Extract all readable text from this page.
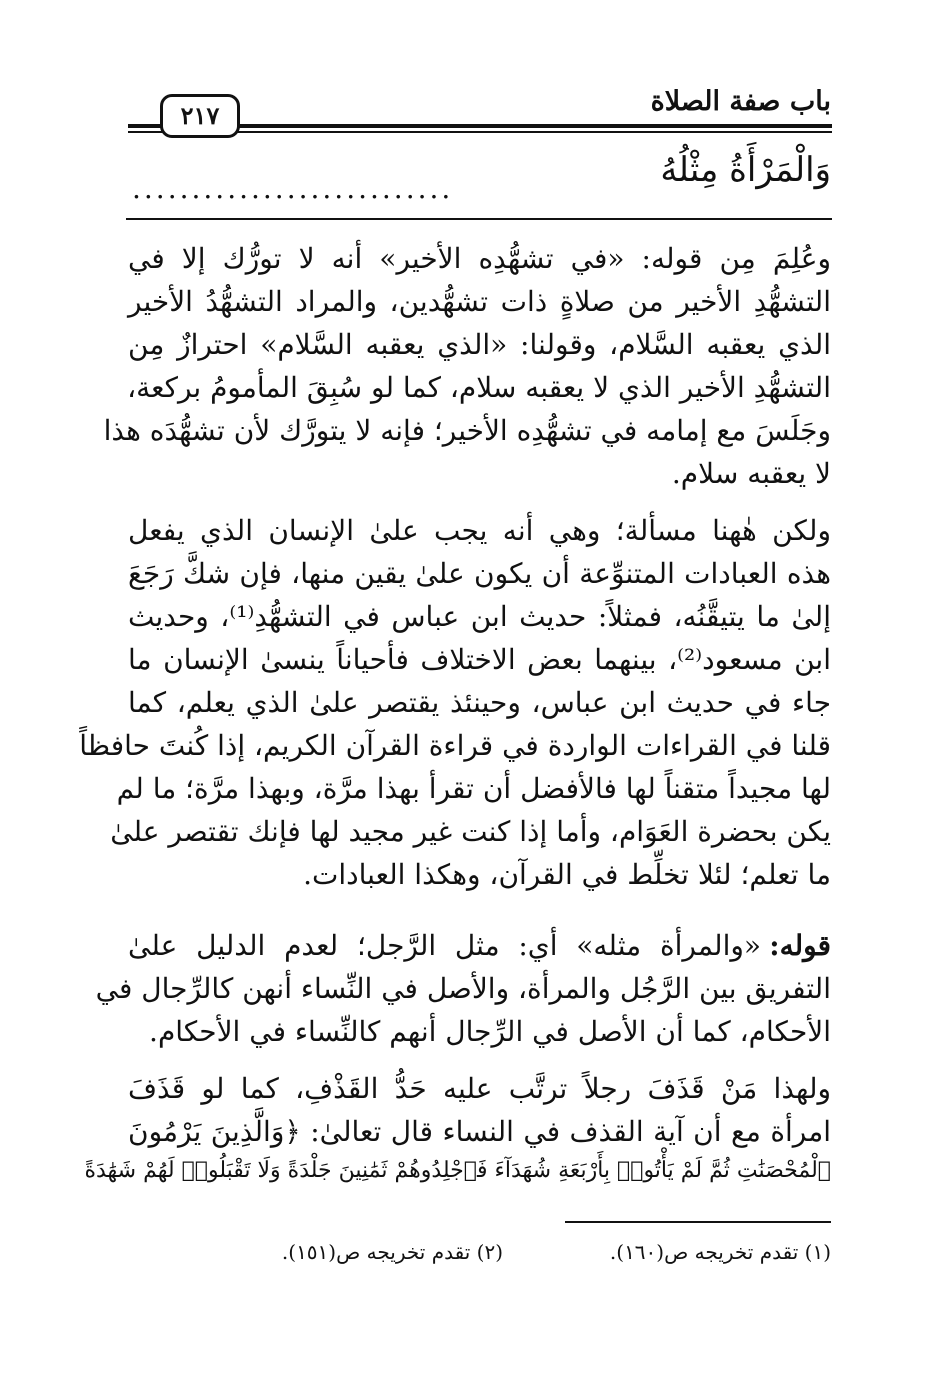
باب صفة الصلاة
٢١٧
وَالْمَرْأَةُ مِثْلُهُ
...........................
وعُلِمَ مِن قوله: «في تشهُّدِه الأخير» أنه لا تورُّك إلا في
التشهُّدِ الأخير من صلاةٍ ذات تشهُّدين، والمراد التشهُّدُ الأخير
الذي يعقبه السَّلام، وقولنا: «الذي يعقبه السَّلام» احترازٌ مِن
التشهُّدِ الأخير الذي لا يعقبه سلام، كما لو سُبِقَ المأمومُ بركعة،
وجَلَسَ مع إمامه في تشهُّدِه الأخير؛ فإنه لا يتورَّك لأن تشهُّدَه هذا
لا يعقبه سلام.
ولكن هٰهنا مسألة؛ وهي أنه يجب علىٰ الإنسان الذي يفعل
هذه العبادات المتنوِّعة أن يكون علىٰ يقين منها، فإن شكَّ رَجَعَ
إلىٰ ما يتيقَّنُه، فمثلاً: حديث ابن عباس في التشهُّدِ⁽¹⁾، وحديث
ابن مسعود⁽²⁾، بينهما بعض الاختلاف فأحياناً ينسىٰ الإنسان ما
جاء في حديث ابن عباس، وحينئذ يقتصر علىٰ الذي يعلم، كما
قلنا في القراءات الواردة في قراءة القرآن الكريم، إذا كُنتَ حافظاً
لها مجيداً متقناً لها فالأفضل أن تقرأ بهذا مرَّة، وبهذا مرَّة؛ ما لم
يكن بحضرة العَوَام، وأما إذا كنت غير مجيد لها فإنك تقتصر علىٰ
ما تعلم؛ لئلا تخلِّط في القرآن، وهكذا العبادات.
قوله:
«والمرأة مثله» أي: مثل الرَّجل؛ لعدم الدليل علىٰ
التفريق بين الرَّجُل والمرأة، والأصل في النِّساء أنهن كالرِّجال في
الأحكام، كما أن الأصل في الرِّجال أنهم كالنِّساء في الأحكام.
ولهذا مَنْ قَذَفَ رجلاً ترتَّب عليه حَدُّ القَذْفِ، كما لو قَذَفَ
امرأة مع أن آية القذف في النساء قال تعالىٰ: ﴿وَالَّذِينَ يَرْمُونَ
ٱلْمُحْصَنَٰتِ ثُمَّ لَمْ يَأْتُوا۟ بِأَرْبَعَةِ شُهَدَآءَ فَٱجْلِدُوهُمْ ثَمَٰنِينَ جَلْدَةً وَلَا تَقْبَلُوا۟ لَهُمْ شَهَٰدَةً
(١) تقدم تخريجه ص(١٦٠).
(٢) تقدم تخريجه ص(١٥١).
